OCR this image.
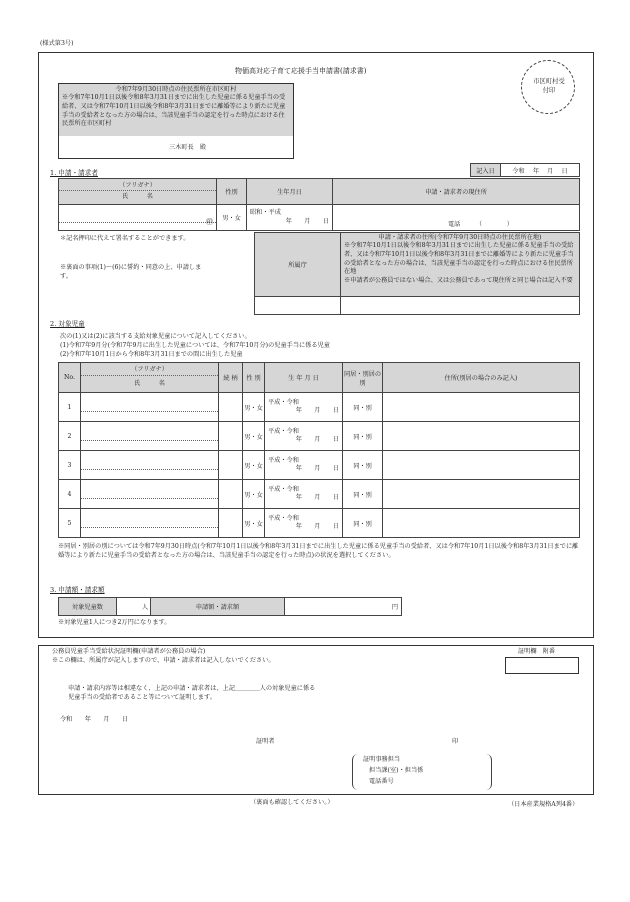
(様式第3号)
物価高対応子育て応援手当申請書(請求書)
市区町村受付印
令和7年9月30日時点の住民票所在市区町村
※令和7年10月1日以後令和8年3月31日までに出生した児童に係る児童手当の受給者、又は令和7年10月1日以後令和8年3月31日までに離婚等により新たに児童手当の受給者となった方の場合は、当該児童手当の認定を行った時点における住民票所在市区町村
三木町長　殿
1. 申請・請求者	記入日	令和　 年　 月　 日
（フリガナ）
氏　　　名	性別	生年月日	申請・請求者の現住所

㊞	男・女	昭和・平成
年　　月　　日	電話　　　（　　　　）
＊記名押印に代えて署名することができます。
※裏面の事項(1)～(6)に誓約・同意の上、申請します。
所属庁	申請・請求者の住所(令和7年9月30日時点の住民票所在地)
※令和7年10月1日以後令和8年3月31日までに出生した児童に係る児童手当の受給者、又は令和7年10月1日以後令和8年3月31日までに離婚等により新たに児童手当の受給者となった方の場合は、当該児童手当の認定を行った時点における住民票所在地
※申請者が公務員ではない場合、又は公務員であって現住所と同じ場合は記入不要

2. 対象児童
次の(1)又は(2)に該当する支給対象児童について記入してください。
(1)令和7年9月分(令和7年9月に出生した児童については、令和7年10月分)の児童手当に係る児童
(2)令和7年10月1日から令和8年3月31日までの間に出生した児童
No.	（フリガナ）
氏　　　名	続 柄	性 別	生 年 月 日	同居・別居の別	住所(別居の場合のみ記入)
1			男・女	平成・令和
年　　月　　日	同・別	
2			男・女	平成・令和
年　　月　　日	同・別	
3			男・女	平成・令和
年　　月　　日	同・別	
4			男・女	平成・令和
年　　月　　日	同・別	
5			男・女	平成・令和
年　　月　　日	同・別	
※同居・別居の別については令和7年9月30日時点(令和7年10月1日以後令和8年3月31日までに出生した児童に係る児童手当の受給者、又は令和7年10月1日以後令和8年3月31日までに離婚等により新たに児童手当の受給者となった方の場合は、当該児童手当の認定を行った時点)の状況を選択してください。
3. 申請額・請求額
対象児童数	人	申請額・請求額	円
※対象児童1人につき2万円になります。
公務員児童手当受給状況証明欄(申請者が公務員の場合)
※この欄は、所属庁が記入しますので、申請・請求者は記入しないでください。
証明欄　附番
申請・請求内容等は相違なく、上記の申請・請求者は、上記＿＿＿＿人の対象児童に係る
児童手当の受給者であること等について証明します。
令和　　年　　月　　日
証明者	印
証明事務担当
担当課(室)・担当係
電話番号
（裏面も確認してください。）	（日本産業規格A列4番）
